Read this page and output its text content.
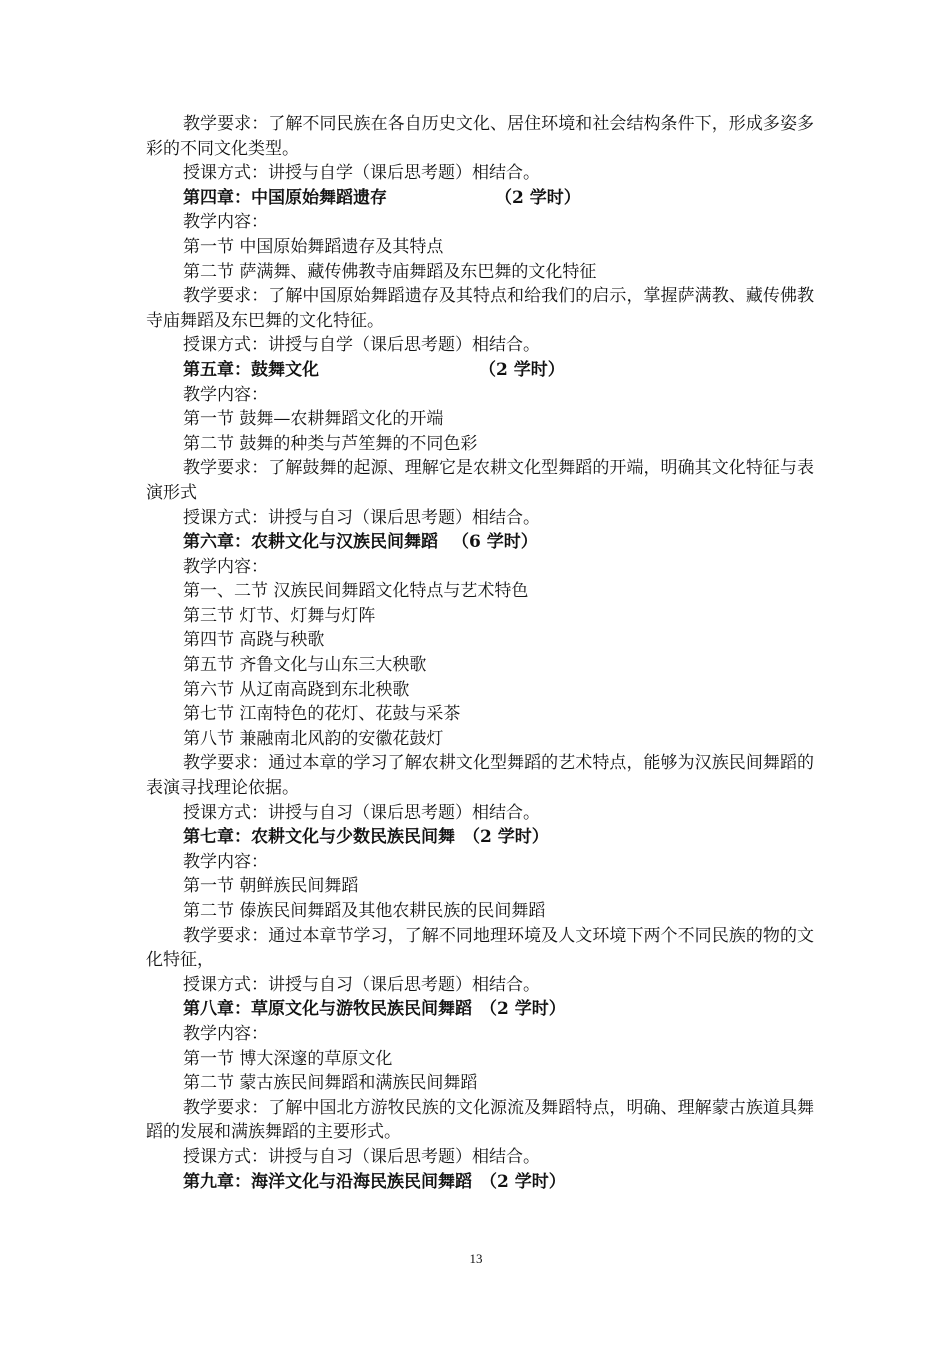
教学要求：了解不同民族在各自历史文化、居住环境和社会结构条件下，形成多姿多彩的不同文化类型。
授课方式：讲授与自学（课后思考题）相结合。
第四章：中国原始舞蹈遗存	（2 学时）
教学内容：
第一节 中国原始舞蹈遗存及其特点
第二节 萨满舞、藏传佛教寺庙舞蹈及东巴舞的文化特征
教学要求：了解中国原始舞蹈遗存及其特点和给我们的启示，掌握萨满教、藏传佛教寺庙舞蹈及东巴舞的文化特征。
授课方式：讲授与自学（课后思考题）相结合。
第五章：鼓舞文化	（2 学时）
教学内容：
第一节 鼓舞—农耕舞蹈文化的开端
第二节 鼓舞的种类与芦笙舞的不同色彩
教学要求：了解鼓舞的起源、理解它是农耕文化型舞蹈的开端，明确其文化特征与表演形式
授课方式：讲授与自习（课后思考题）相结合。
第六章：农耕文化与汉族民间舞蹈 （6 学时）
教学内容：
第一、二节 汉族民间舞蹈文化特点与艺术特色
第三节 灯节、灯舞与灯阵
第四节 高跷与秧歌
第五节 齐鲁文化与山东三大秧歌
第六节 从辽南高跷到东北秧歌
第七节 江南特色的花灯、花鼓与采茶
第八节 兼融南北风韵的安徽花鼓灯
教学要求：通过本章的学习了解农耕文化型舞蹈的艺术特点，能够为汉族民间舞蹈的表演寻找理论依据。
授课方式：讲授与自习（课后思考题）相结合。
第七章：农耕文化与少数民族民间舞 （2 学时）
教学内容：
第一节 朝鲜族民间舞蹈
第二节 傣族民间舞蹈及其他农耕民族的民间舞蹈
教学要求：通过本章节学习，了解不同地理环境及人文环境下两个不同民族的物的文化特征，
授课方式：讲授与自习（课后思考题）相结合。
第八章：草原文化与游牧民族民间舞蹈 （2 学时）
教学内容：
第一节 博大深邃的草原文化
第二节 蒙古族民间舞蹈和满族民间舞蹈
教学要求：了解中国北方游牧民族的文化源流及舞蹈特点，明确、理解蒙古族道具舞蹈的发展和满族舞蹈的主要形式。
授课方式：讲授与自习（课后思考题）相结合。
第九章：海洋文化与沿海民族民间舞蹈 （2 学时）
13
